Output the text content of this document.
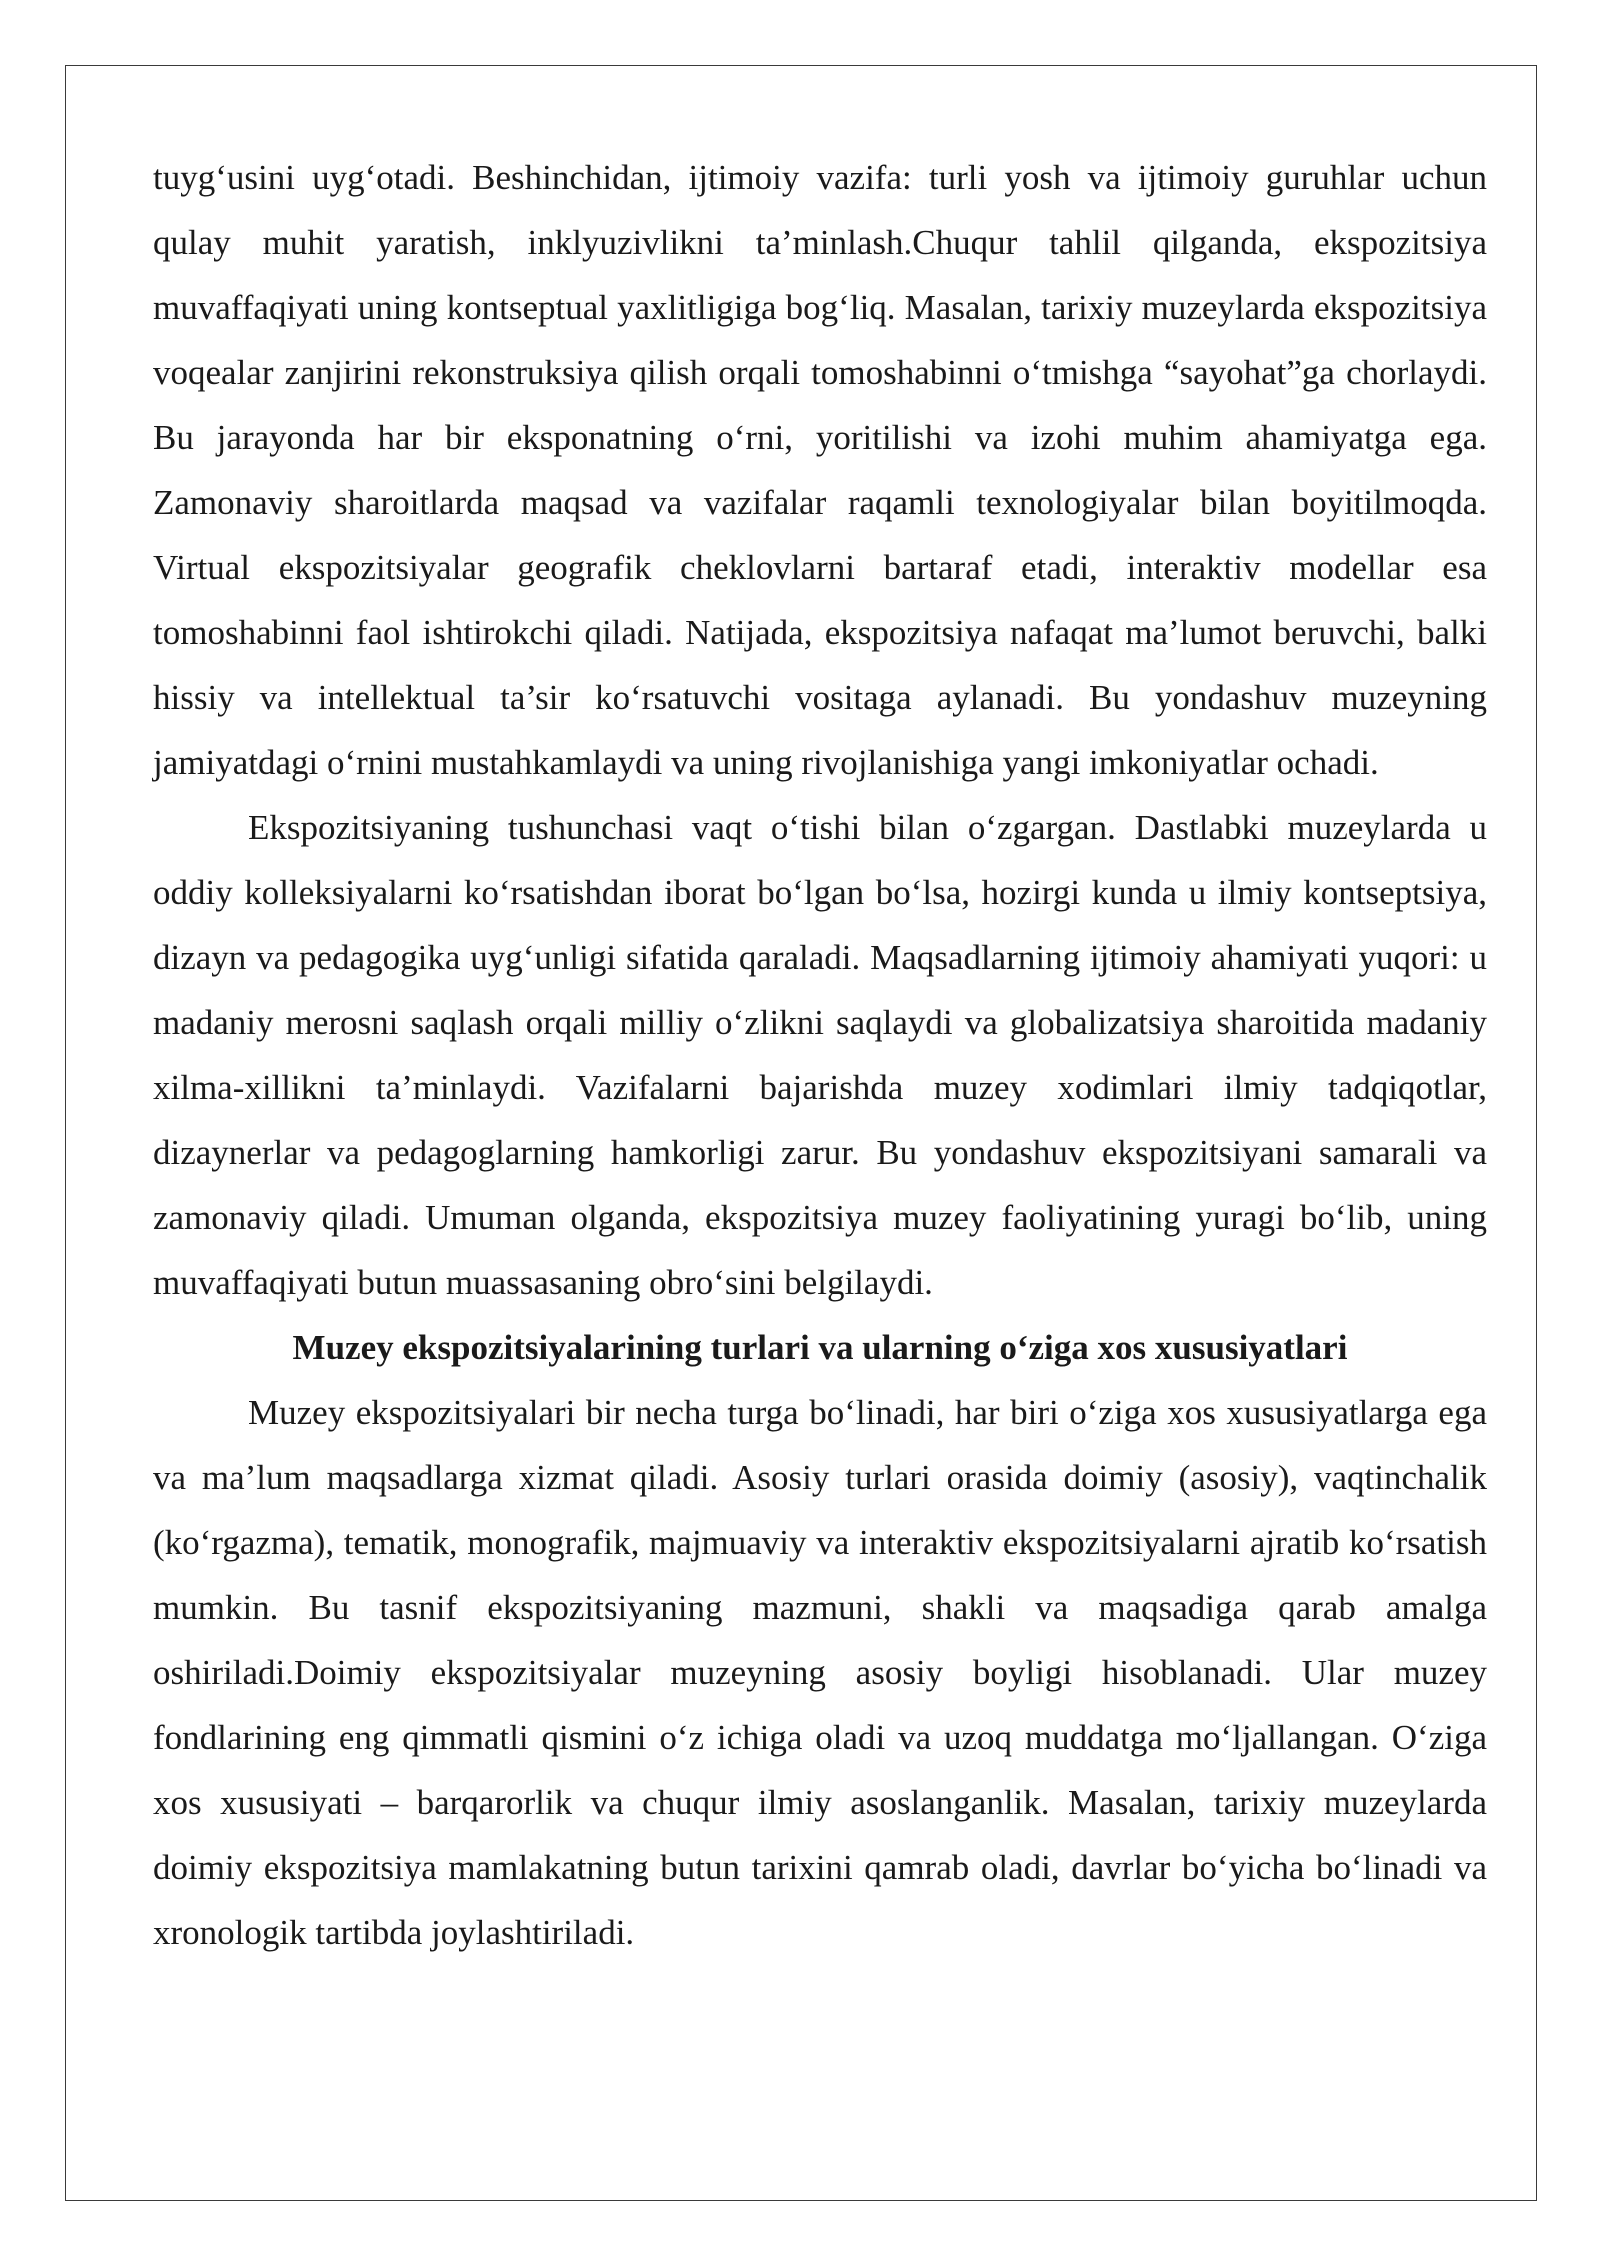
tuyg‘usini uyg‘otadi. Beshinchidan, ijtimoiy vazifa: turli yosh va ijtimoiy guruhlar uchun qulay muhit yaratish, inklyuzivlikni ta’minlash.Chuqur tahlil qilganda, ekspozitsiya muvaffaqiyati uning kontseptual yaxlitligiga bog‘liq. Masalan, tarixiy muzeylarda ekspozitsiya voqealar zanjirini rekonstruksiya qilish orqali tomoshabinni o‘tmishga “sayohat”ga chorlaydi. Bu jarayonda har bir eksponatning o‘rni, yoritilishi va izohi muhim ahamiyatga ega. Zamonaviy sharoitlarda maqsad va vazifalar raqamli texnologiyalar bilan boyitilmoqda. Virtual ekspozitsiyalar geografik cheklovlarni bartaraf etadi, interaktiv modellar esa tomoshabinni faol ishtirokchi qiladi. Natijada, ekspozitsiya nafaqat ma’lumot beruvchi, balki hissiy va intellektual ta’sir ko‘rsatuvchi vositaga aylanadi. Bu yondashuv muzeyning jamiyatdagi o‘rnini mustahkamlaydi va uning rivojlanishiga yangi imkoniyatlar ochadi.

Ekspozitsiyaning tushunchasi vaqt o‘tishi bilan o‘zgargan. Dastlabki muzeylarda u oddiy kolleksiyalarni ko‘rsatishdan iborat bo‘lgan bo‘lsa, hozirgi kunda u ilmiy kontseptsiya, dizayn va pedagogika uyg‘unligi sifatida qaraladi. Maqsadlarning ijtimoiy ahamiyati yuqori: u madaniy merosni saqlash orqali milliy o‘zlikni saqlaydi va globalizatsiya sharoitida madaniy xilma-xillikni ta’minlaydi. Vazifalarni bajarishda muzey xodimlari ilmiy tadqiqotlar, dizaynerlar va pedagoglarning hamkorligi zarur. Bu yondashuv ekspozitsiyani samarali va zamonaviy qiladi. Umuman olganda, ekspozitsiya muzey faoliyatining yuragi bo‘lib, uning muvaffaqiyati butun muassasaning obro‘sini belgilaydi.

Muzey ekspozitsiyalarining turlari va ularning o‘ziga xos xususiyatlari

Muzey ekspozitsiyalari bir necha turga bo‘linadi, har biri o‘ziga xos xususiyatlarga ega va ma’lum maqsadlarga xizmat qiladi. Asosiy turlari orasida doimiy (asosiy), vaqtinchalik (ko‘rgazma), tematik, monografik, majmuaviy va interaktiv ekspozitsiyalarni ajratib ko‘rsatish mumkin. Bu tasnif ekspozitsiyaning mazmuni, shakli va maqsadiga qarab amalga oshiriladi.Doimiy ekspozitsiyalar muzeyning asosiy boyligi hisoblanadi. Ular muzey fondlarining eng qimmatli qismini o‘z ichiga oladi va uzoq muddatga mo‘ljallangan. O‘ziga xos xususiyati – barqarorlik va chuqur ilmiy asoslanganlik. Masalan, tarixiy muzeylarda doimiy ekspozitsiya mamlakatning butun tarixini qamrab oladi, davrlar bo‘yicha bo‘linadi va xronologik tartibda joylashtiriladi.
